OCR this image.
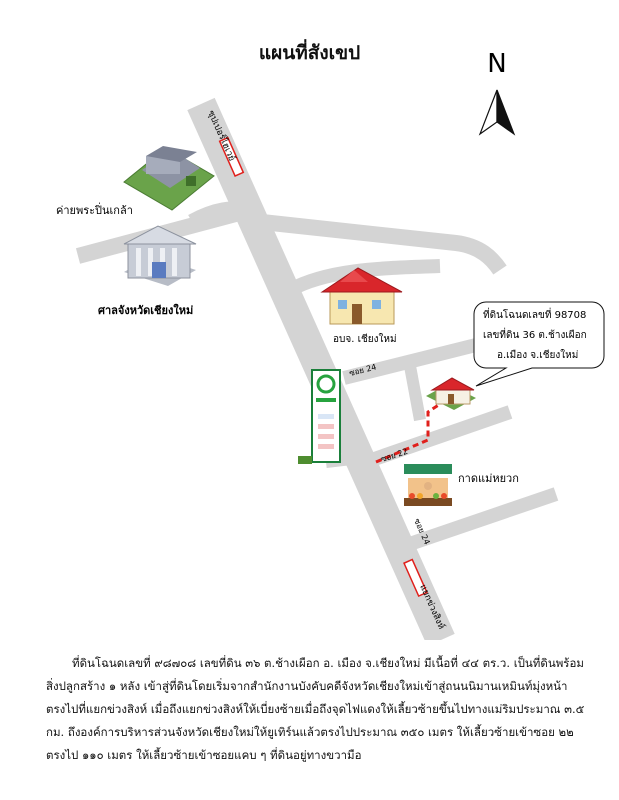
แผนที่สังเขป
ซุปเปอร์ไฮเวย์
แยกข่วงสิงห์
ซอย 24
ซอย 22
ซอย 24
N
ค่ายพระปิ่นเกล้า
ศาลจังหวัดเชียงใหม่
อบจ. เชียงใหม่
กาดแม่หยวก
ที่ดินโฉนดเลขที่ 98708
เลขที่ดิน 36 ต.ช้างเผือก
อ.เมือง จ.เชียงใหม่

ที่ดินโฉนดเลขที่ ๙๘๗๐๘ เลขที่ดิน ๓๖ ต.ช้างเผือก อ. เมือง จ.เชียงใหม่ มีเนื้อที่ ๔๔ ตร.ว. เป็นที่ดินพร้อมสิ่งปลูกสร้าง ๑ หลัง เข้าสู่ที่ดินโดยเริ่มจากสำนักงานบังคับคดีจังหวัดเชียงใหม่เข้าสู่ถนนนิมานเหมินท์มุ่งหน้าตรงไปที่แยกข่วงสิงห์ เมื่อถึงแยกข่วงสิงห์ให้เบี่ยงซ้ายเมื่อถึงจุดไฟแดงให้เลี้ยวซ้ายขึ้นไปทางแม่ริมประมาณ ๓.๕ กม. ถึงองค์การบริหารส่วนจังหวัดเชียงใหม่ให้ยูเทิร์นแล้วตรงไปประมาณ ๓๕๐ เมตร ให้เลี้ยวซ้ายเข้าซอย ๒๒ ตรงไป ๑๑๐ เมตร ให้เลี้ยวซ้ายเข้าซอยแคบ ๆ ที่ดินอยู่ทางขวามือ
